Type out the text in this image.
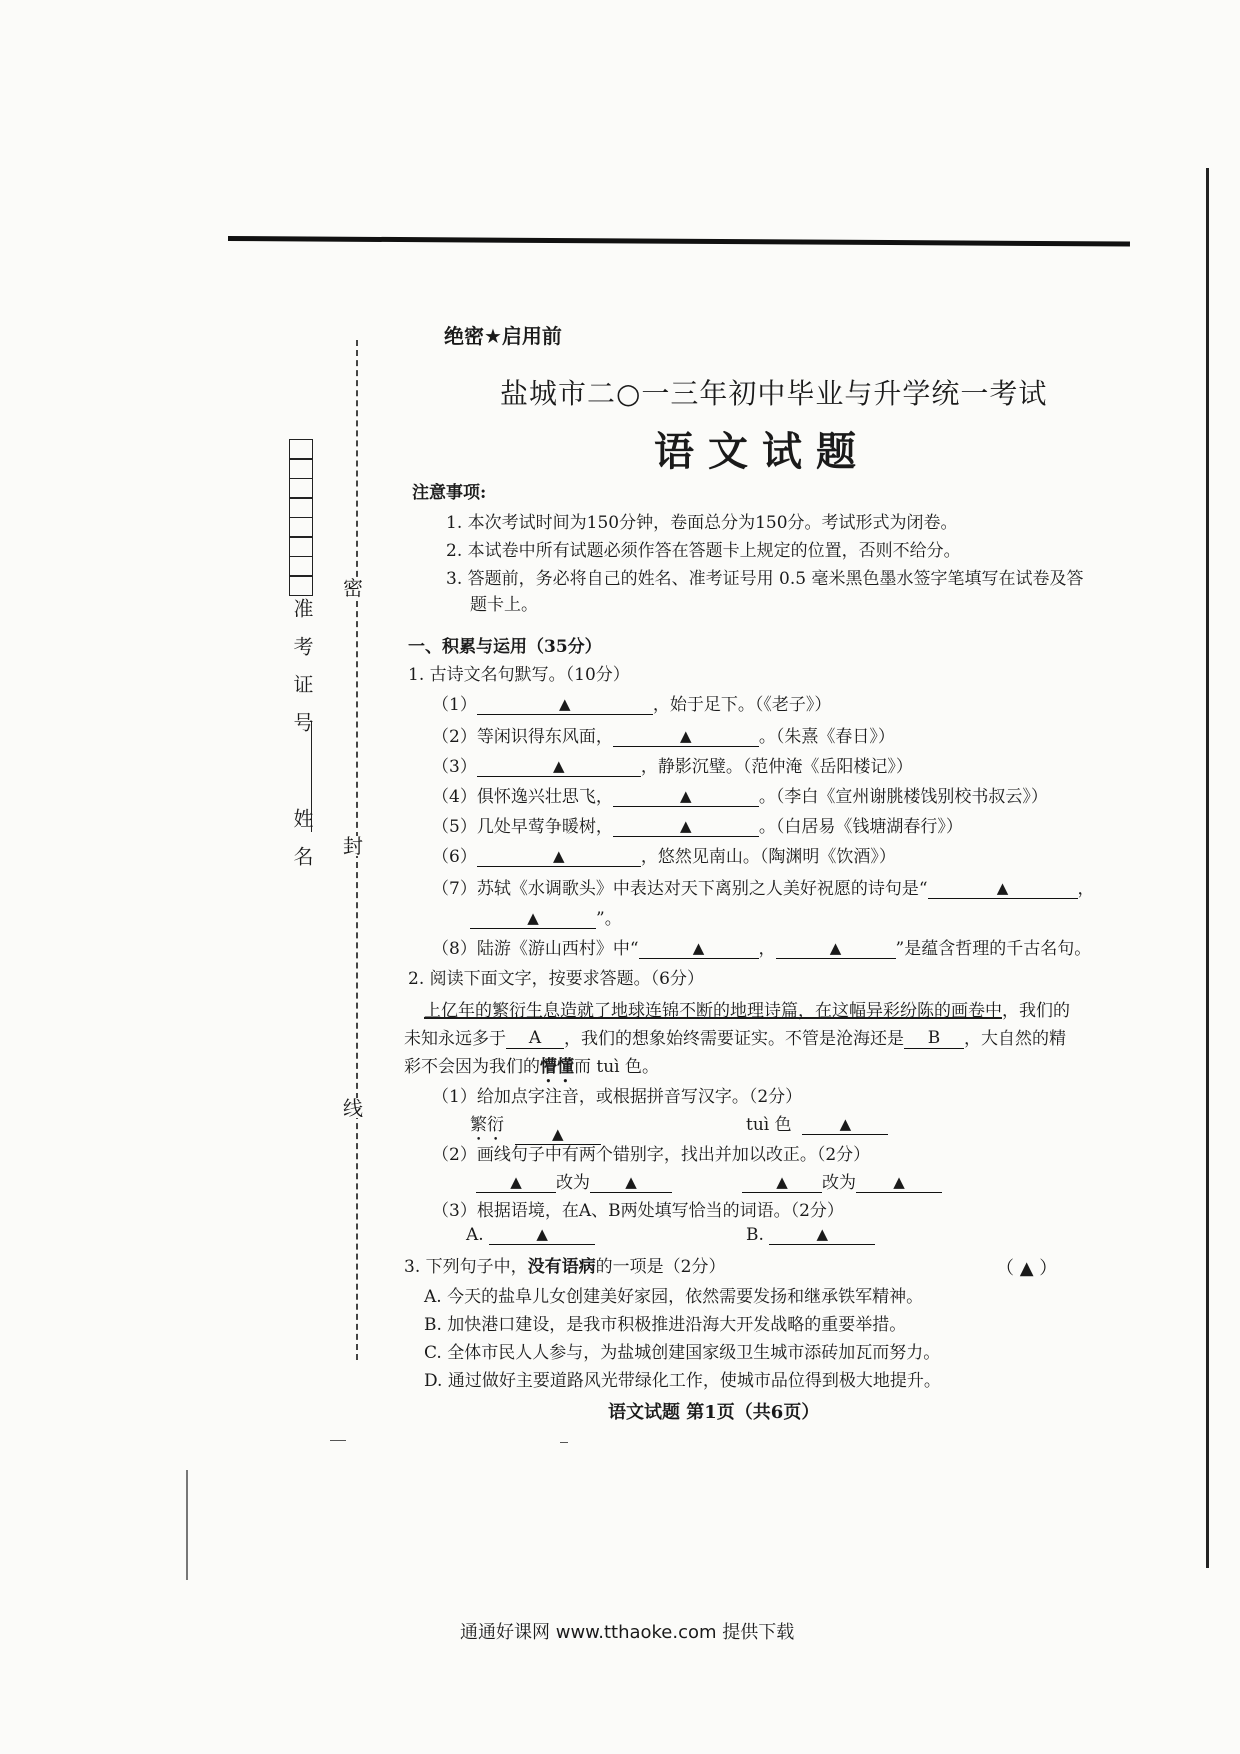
密
封
线
准考证号
姓名
绝密★启用前
盐城市二○一三年初中毕业与升学统一考试
语文试题
注意事项:
1. 本次考试时间为150分钟，卷面总分为150分。考试形式为闭卷。
2. 本试卷中所有试题必须作答在答题卡上规定的位置，否则不给分。
3. 答题前，务必将自己的姓名、准考证号用 0.5 毫米黑色墨水签字笔填写在试卷及答
题卡上。
一、积累与运用（35分）
1. 古诗文名句默写。（10分）
（1）	▲	，始于足下。（《老子》）
（2）等闲识得东风面，	▲	。（朱熹《春日》）
（3）	▲	，静影沉璧。（范仲淹《岳阳楼记》）
（4）俱怀逸兴壮思飞，	▲	。（李白《宣州谢朓楼饯别校书叔云》）
（5）几处早莺争暖树，	▲	。（白居易《钱塘湖春行》）
（6）	▲	，悠然见南山。（陶渊明《饮酒》）
（7）苏轼《水调歌头》中表达对天下离别之人美好祝愿的诗句是“	▲	，
▲	”。
（8）陆游《游山西村》中“	▲	，	▲	”是蕴含哲理的千古名句。
2. 阅读下面文字，按要求答题。（6分）
上亿年的繁衍生息造就了地球连锦不断的地理诗篇，在这幅异彩纷陈的画卷中，我们的
未知永远多于 A ，我们的想象始终需要证实。不管是沧海还是 B ，大自然的精
彩不会因为我们的懵懂而 tuì 色。
（1）给加点字注音，或根据拼音写汉字。（2分）
繁衍	▲	tuì 色	▲
（2）画线句子中有两个错别字，找出并加以改正。（2分）
▲ 改为 ▲	▲ 改为 ▲
（3）根据语境，在A、B两处填写恰当的词语。（2分）
A.	▲	B.	▲
3. 下列句子中，没有语病的一项是（2分）	（ ▲ ）
A. 今天的盐阜儿女创建美好家园，依然需要发扬和继承铁军精神。
B. 加快港口建设，是我市积极推进沿海大开发战略的重要举措。
C. 全体市民人人参与，为盐城创建国家级卫生城市添砖加瓦而努力。
D. 通过做好主要道路风光带绿化工作，使城市品位得到极大地提升。
语文试题 第1页（共6页）
通通好课网 www.tthaoke.com 提供下载
